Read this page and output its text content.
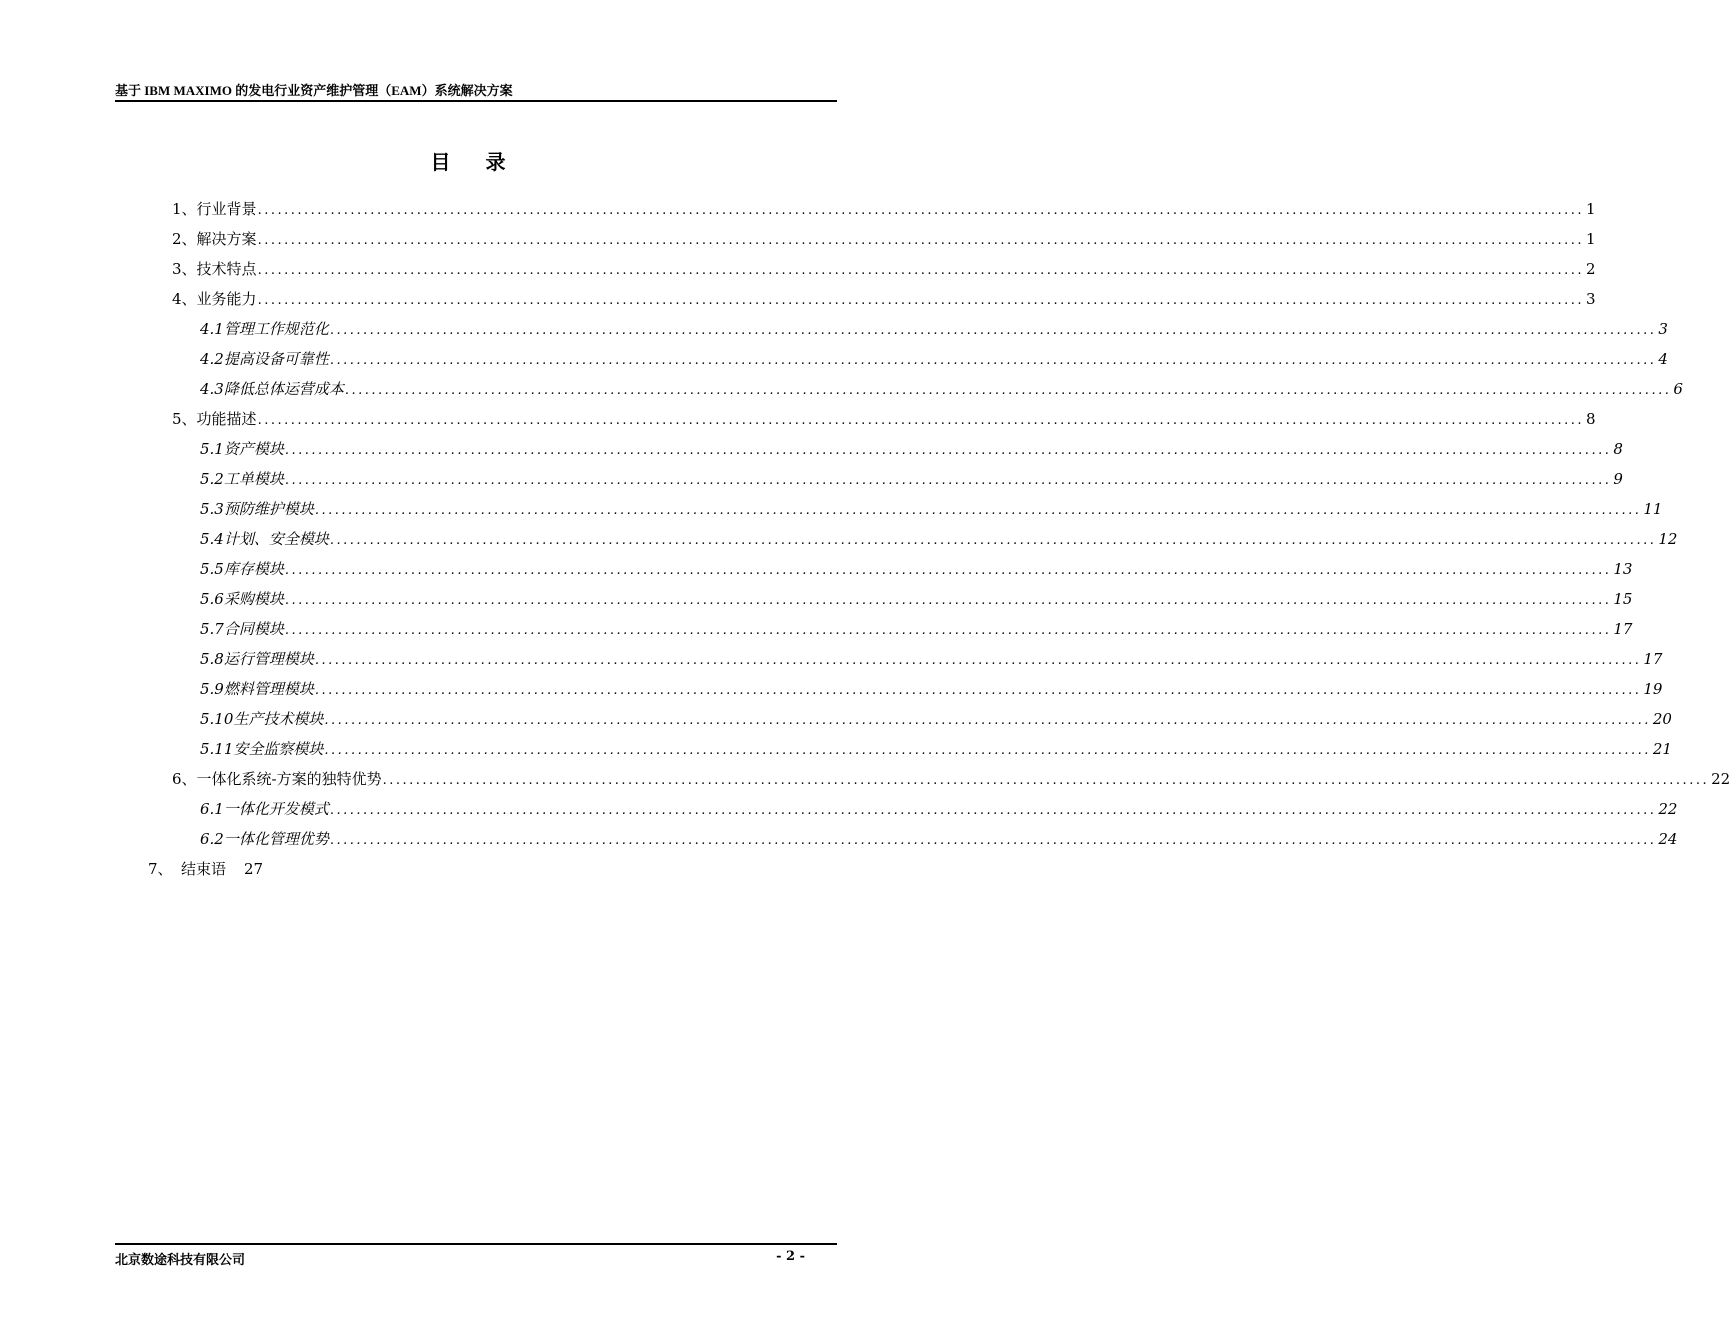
基于 IBM MAXIMO 的发电行业资产维护管理（EAM）系统解决方案
目 录
1、 行业背景 ........................................................................................................................................................................................................ 1
2、 解决方案 ........................................................................................................................................................................................................ 1
3、 技术特点 ........................................................................................................................................................................................................ 2
4、 业务能力 ........................................................................................................................................................................................................ 3
4.1 管理工作规范化 ........................................................................................................................................................................................................ 3
4.2 提高设备可靠性 ........................................................................................................................................................................................................ 4
4.3 降低总体运营成本 ........................................................................................................................................................................................................ 6
5、 功能描述 ........................................................................................................................................................................................................ 8
5.1 资产模块 ........................................................................................................................................................................................................ 8
5.2 工单模块 ........................................................................................................................................................................................................ 9
5.3 预防维护模块 ........................................................................................................................................................................................................ 11
5.4 计划、安全模块 ........................................................................................................................................................................................................ 12
5.5 库存模块 ........................................................................................................................................................................................................ 13
5.6 采购模块 ........................................................................................................................................................................................................ 15
5.7 合同模块 ........................................................................................................................................................................................................ 17
5.8 运行管理模块 ........................................................................................................................................................................................................ 17
5.9 燃料管理模块 ........................................................................................................................................................................................................ 19
5.10 生产技术模块 ........................................................................................................................................................................................................ 20
5.11 安全监察模块 ........................................................................................................................................................................................................ 21
6、 一体化系统-方案的独特优势 ........................................................................................................................................................................................................ 22
6.1 一体化开发模式 ........................................................................................................................................................................................................ 22
6.2 一体化管理优势 ........................................................................................................................................................................................................ 24
7、 结束语	27
北京数途科技有限公司	- 2 -
